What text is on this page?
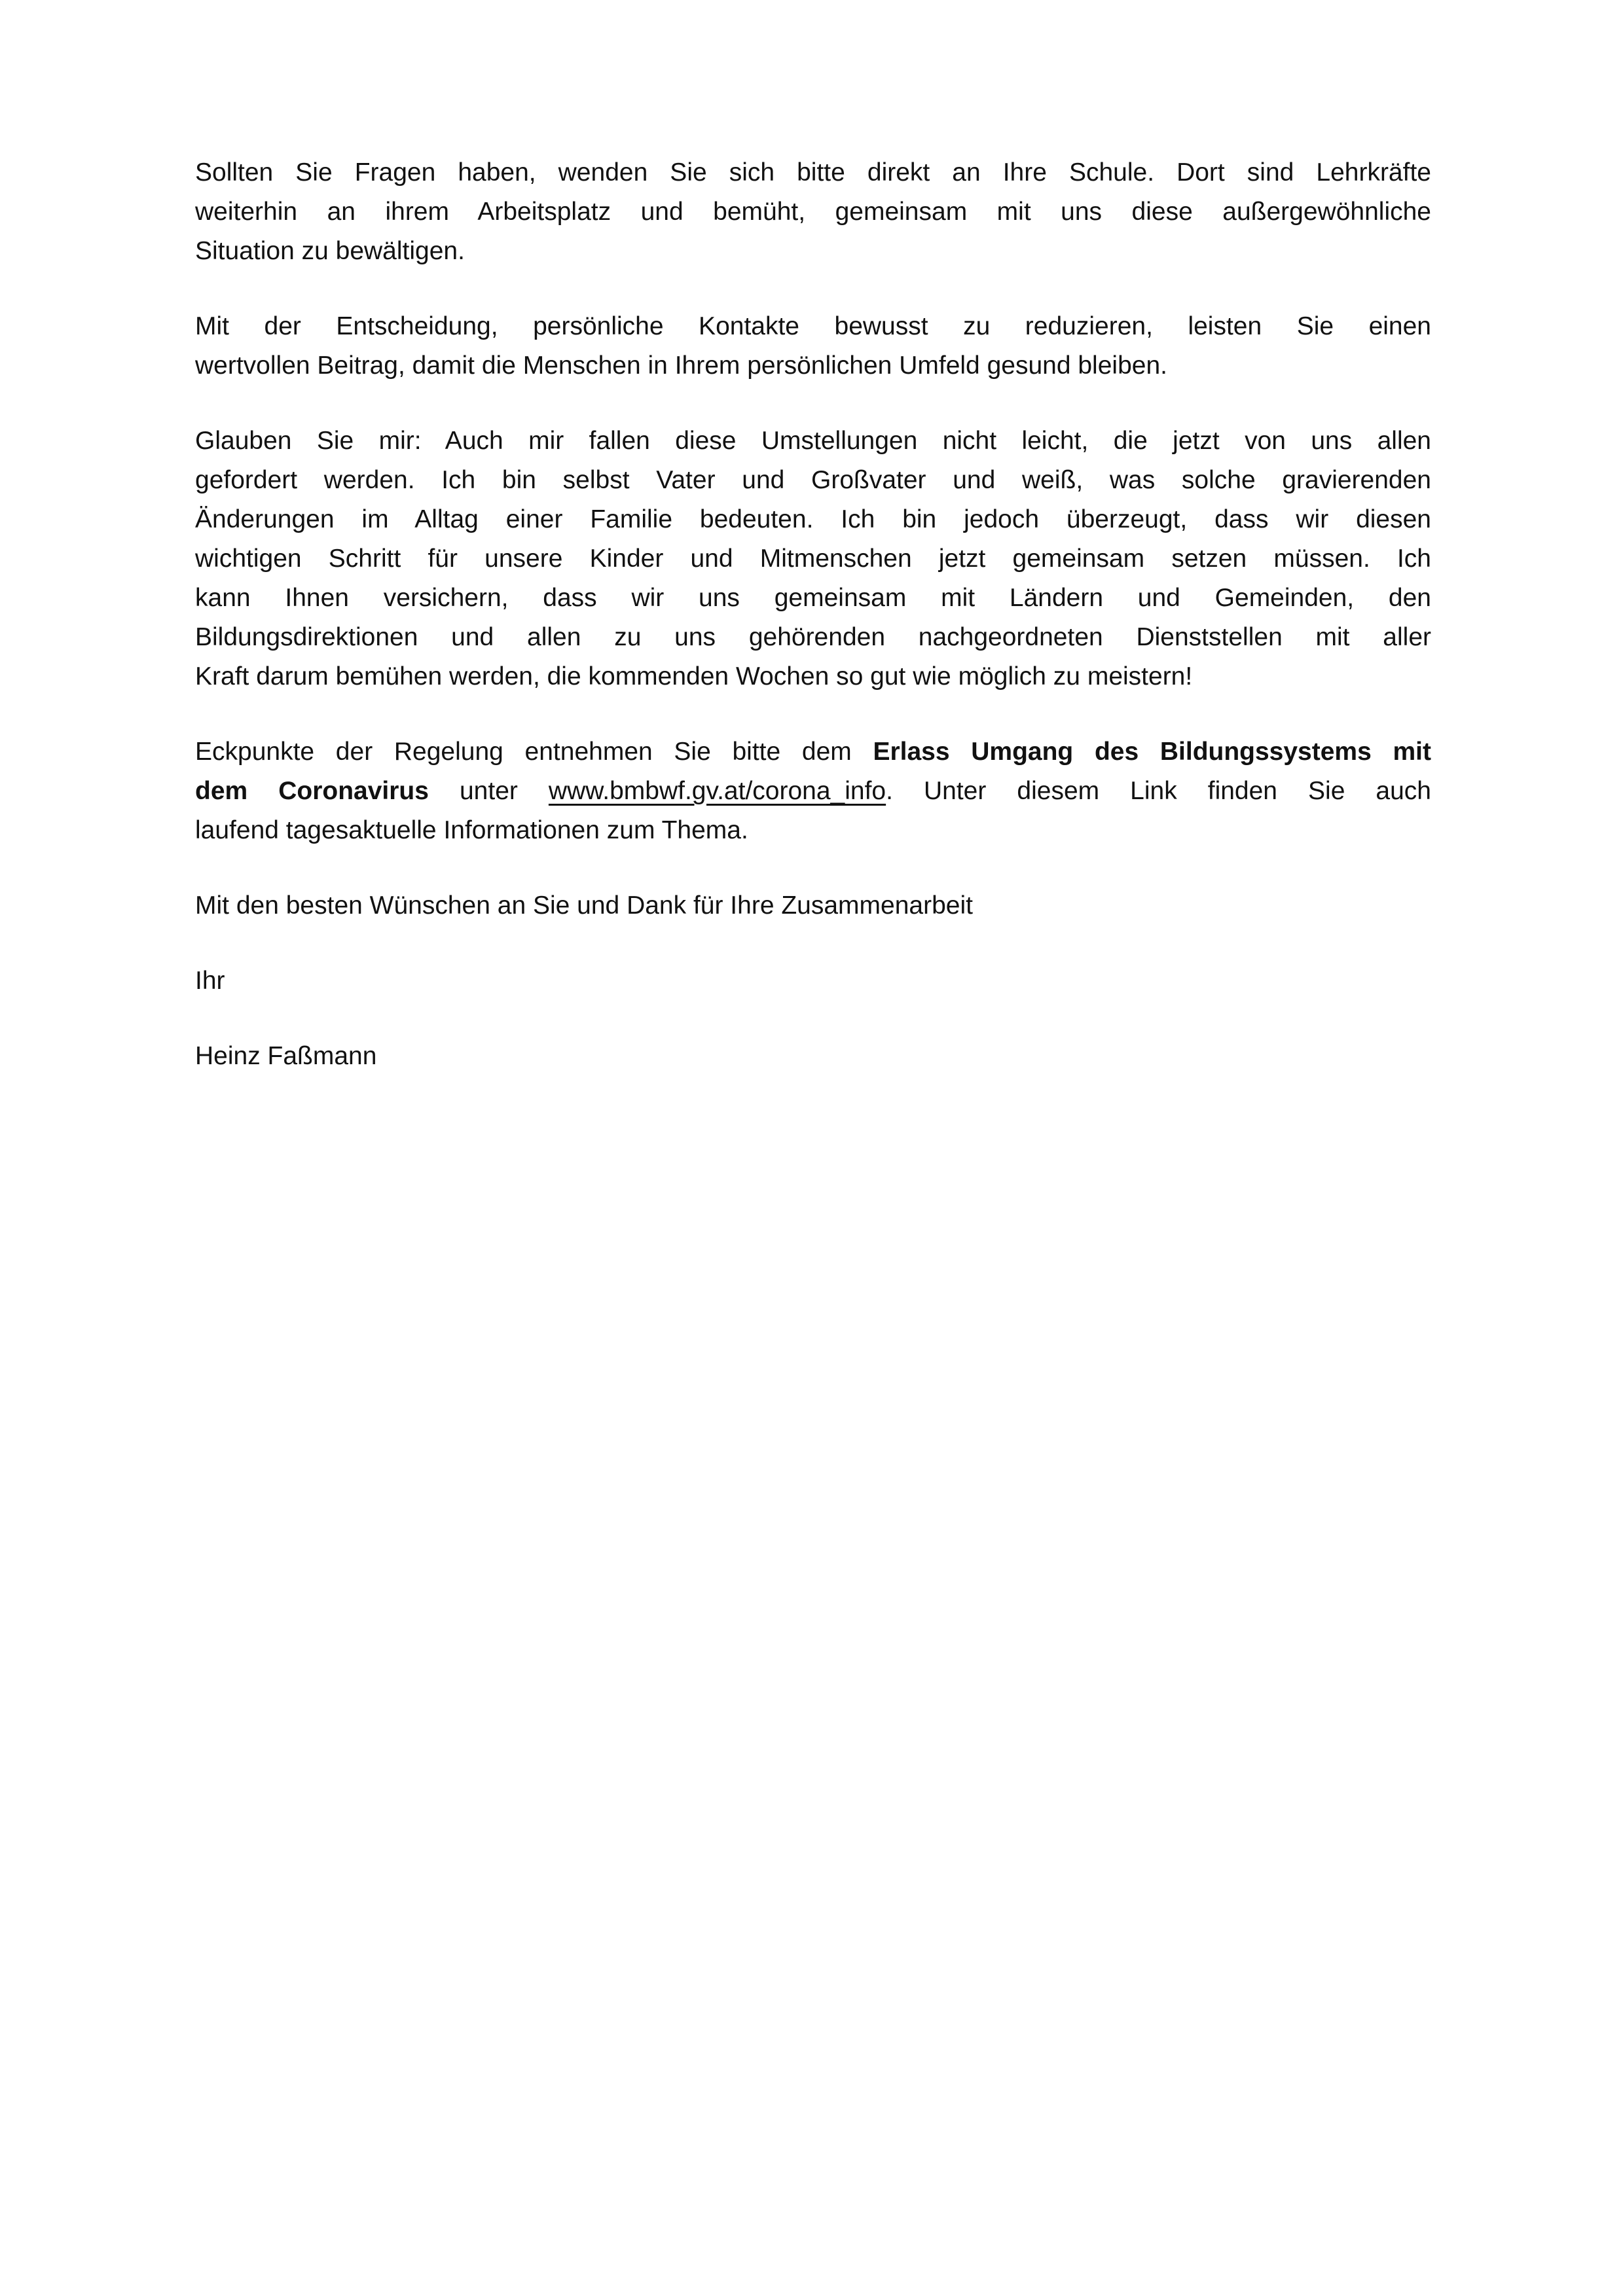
Sollten Sie Fragen haben, wenden Sie sich bitte direkt an Ihre Schule. Dort sind Lehrkräfte
weiterhin an ihrem Arbeitsplatz und bemüht, gemeinsam mit uns diese außergewöhnliche
Situation zu bewältigen.

Mit der Entscheidung, persönliche Kontakte bewusst zu reduzieren, leisten Sie einen
wertvollen Beitrag, damit die Menschen in Ihrem persönlichen Umfeld gesund bleiben.

Glauben Sie mir: Auch mir fallen diese Umstellungen nicht leicht, die jetzt von uns allen
gefordert werden. Ich bin selbst Vater und Großvater und weiß, was solche gravierenden
Änderungen im Alltag einer Familie bedeuten. Ich bin jedoch überzeugt, dass wir diesen
wichtigen Schritt für unsere Kinder und Mitmenschen jetzt gemeinsam setzen müssen. Ich
kann Ihnen versichern, dass wir uns gemeinsam mit Ländern und Gemeinden, den
Bildungsdirektionen und allen zu uns gehörenden nachgeordneten Dienststellen mit aller
Kraft darum bemühen werden, die kommenden Wochen so gut wie möglich zu meistern!

Eckpunkte der Regelung entnehmen Sie bitte dem Erlass Umgang des Bildungssystems mit
dem Coronavirus unter www.bmbwf.gv.at/corona_info. Unter diesem Link finden Sie auch
laufend tagesaktuelle Informationen zum Thema.

Mit den besten Wünschen an Sie und Dank für Ihre Zusammenarbeit

Ihr

Heinz Faßmann
